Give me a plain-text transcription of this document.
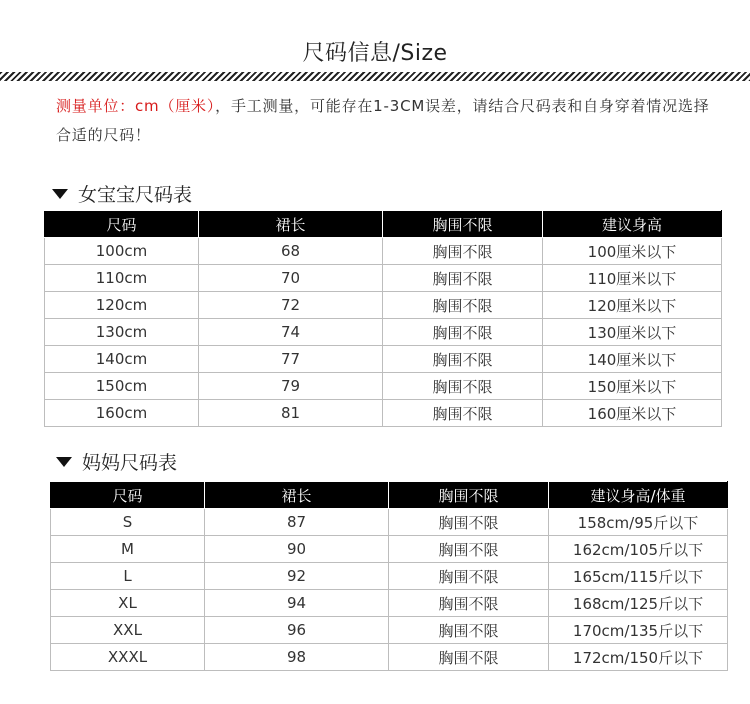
尺码信息/Size
测量单位：cm（厘米），手工测量，可能存在1-3CM误差，请结合尺码表和自身穿着情况选择合适的尺码！
女宝宝尺码表
尺码	裙长	胸围不限	建议身高
100cm	68	胸围不限	100厘米以下
110cm	70	胸围不限	110厘米以下
120cm	72	胸围不限	120厘米以下
130cm	74	胸围不限	130厘米以下
140cm	77	胸围不限	140厘米以下
150cm	79	胸围不限	150厘米以下
160cm	81	胸围不限	160厘米以下
妈妈尺码表
尺码	裙长	胸围不限	建议身高/体重
S	87	胸围不限	158cm/95斤以下
M	90	胸围不限	162cm/105斤以下
L	92	胸围不限	165cm/115斤以下
XL	94	胸围不限	168cm/125斤以下
XXL	96	胸围不限	170cm/135斤以下
XXXL	98	胸围不限	172cm/150斤以下
